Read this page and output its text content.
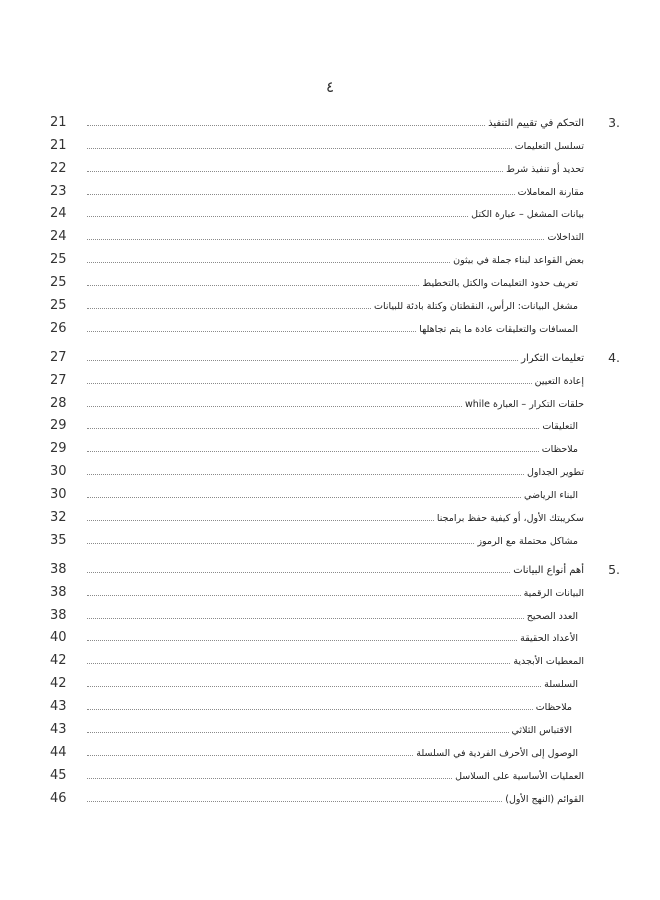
٤
3.
التحكم في تقييم التنفيذ
21
تسلسل التعليمات
21
تحديد أو تنفيذ شرط
22
مقارنة المعاملات
23
بيانات المشغل – عبارة الكتل
24
التداخلات
24
بعض القواعد لبناء جملة في بيثون
25
تعريف حدود التعليمات والكتل بالتخطيط
25
مشغل البيانات: الرأس، النقطتان وكتلة بادئة للبيانات
25
المسافات والتعليقات عادة ما يتم تجاهلها
26
4.
تعليمات التكرار
27
إعادة التعيين
27
حلقات التكرار – العبارة while
28
التعليقات
29
ملاحظات
29
تطوير الجداول
30
البناء الرياضي
30
سكريبتك الأول، أو كيفية حفظ برامجنا
32
مشاكل محتملة مع الرموز
35
5.
أهم أنواع البيانات
38
البيانات الرقمية
38
العدد الصحيح
38
الأعداد الحقيقة
40
المعطيات الأبجدية
42
السلسلة
42
ملاحظات
43
الاقتباس الثلاثي
43
الوصول إلى الأحرف الفردية في السلسلة
44
العمليات الأساسية على السلاسل
45
القوائم (النهج الأول)
46
